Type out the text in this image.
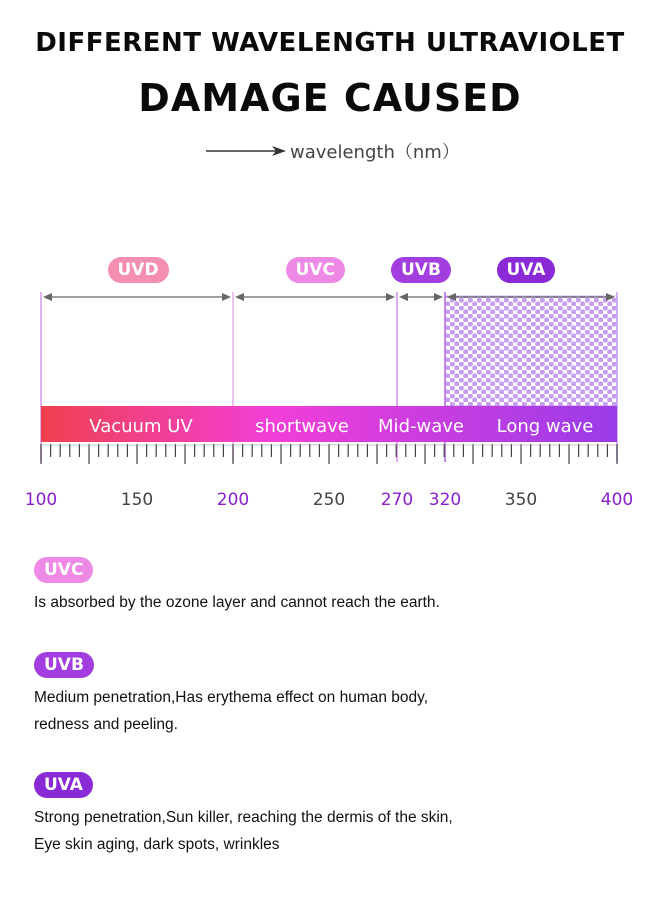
DIFFERENT WAVELENGTH ULTRAVIOLET
DAMAGE CAUSED
wavelength（nm）
Vacuum UV	shortwave Mid-wave Long wave
100	150	200	250 270 320	350	400
UVD	UVC	UVB	UVA
UVC
Is absorbed by the ozone layer and cannot reach the earth.
UVB
Medium penetration,Has erythema effect on human body,
redness and peeling.
UVA
Strong penetration,Sun killer, reaching the dermis of the skin,
Eye skin aging, dark spots, wrinkles
